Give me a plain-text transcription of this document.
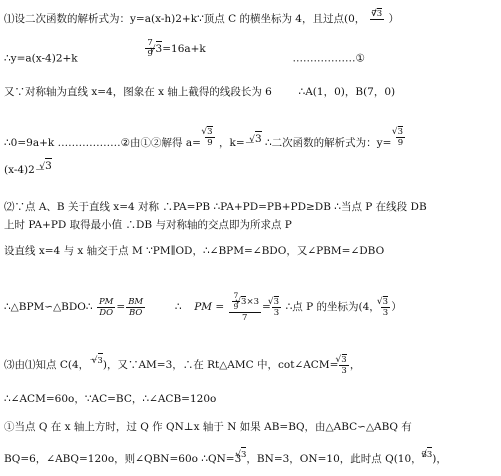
⑴设二次函数的解析式为：y=a(x-h)2+k∵顶点 C 的横坐标为 4，且过点(0， 7√ 3
）
∴y=a(x-4)2+k	$\frac{7}{9}$
√ 3=16a+k  ………………①
又∵对称轴为直线 x=4，图象在 x 轴上截得的线段长为 6	∴A(1，0)，B(7，0)
∴0=9a+k ………………②由①②解得 a=
√ $\frac{3}{9}$ ，k=－√ 3 ∴二次函数的解析式为：y=
√ $\frac{3}{9}$
(x-4)2－√ 3
⑵∵点 A、B 关于直线 x=4 对称 ∴PA=PB ∴PA+PD=PB+PD≥DB ∴当点 P 在线段 DB
上时 PA+PD 取得最小值 ∴DB 与对称轴的交点即为所求点 P
设直线 x=4 与 x 轴交于点 M ∵PM∥OD，∴∠BPM=∠BDO，又∠PBM=∠DBO
∴△BPM∽△BDO∴ $\frac{PM}{DO} = \frac{BM}{BO}$	∴ PM = $\frac{7}{9}$
√ 3×3
7 =
√ $\frac{3}{3}$ ∴点 P 的坐标为(4，
√ $\frac{3}{3}$ ）
⑶由⑴知点 C(4，－√ 3)，又∵AM=3，∴在 Rt△AMC 中，cot∠ACM=
√ $\frac{3}{3}$ ，
∴∠ACM=60o，∵AC=BC，∴∠ACB=120o
①当点 Q 在 x 轴上方时，过 Q 作 QN⊥x 轴于 N 如果 AB=BQ，由△ABC∽△ABQ 有
BQ=6，∠ABQ=120o，则∠QBN=60o ∴QN=3√ 3，BN=3，ON=10，此时点 Q(10，$^3$√ 3)，
